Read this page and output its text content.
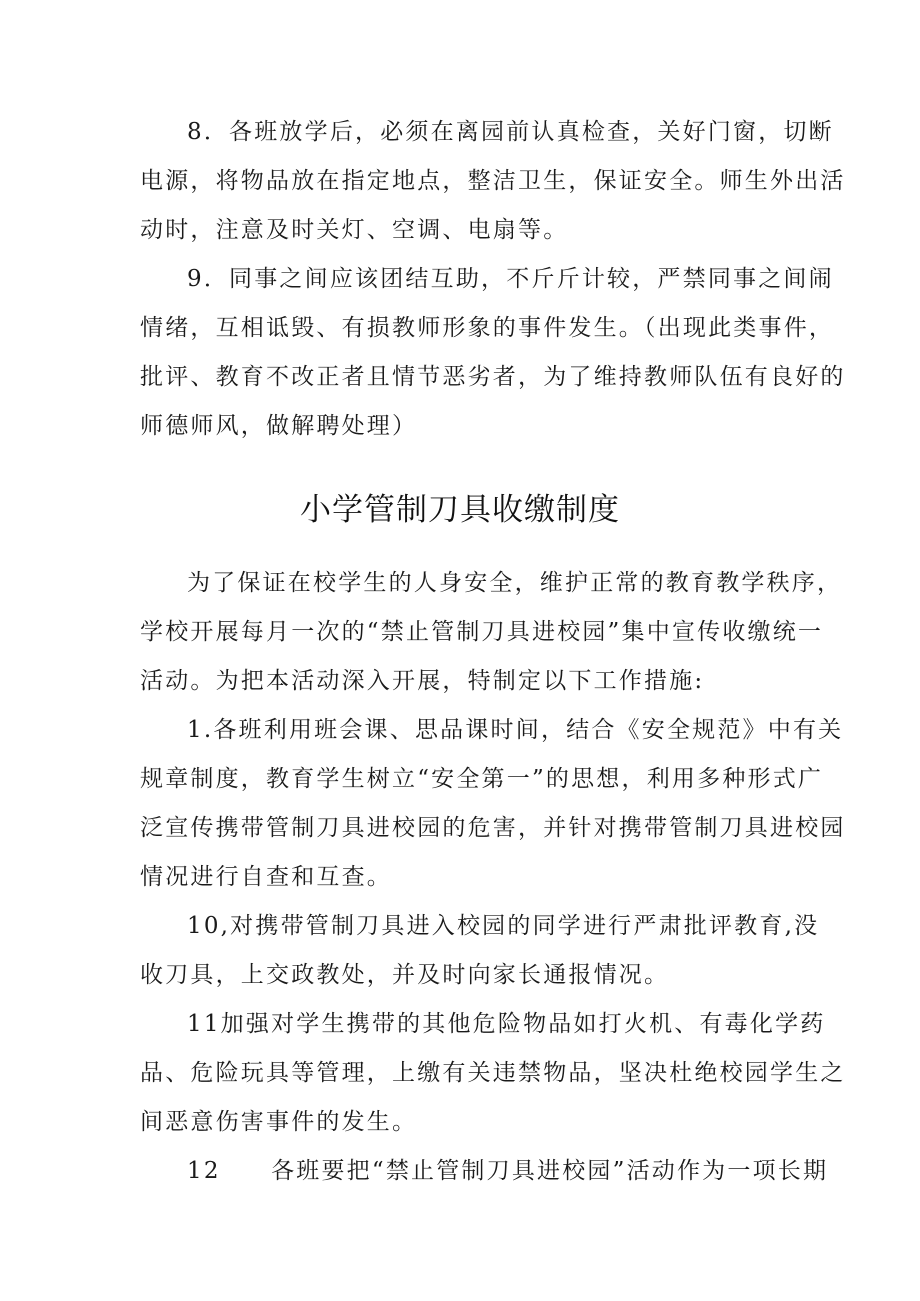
8．各班放学后，必须在离园前认真检查，关好门窗，切断
电源，将物品放在指定地点，整洁卫生，保证安全。师生外出活
动时，注意及时关灯、空调、电扇等。
9．同事之间应该团结互助，不斤斤计较，严禁同事之间闹
情绪，互相诋毁、有损教师形象的事件发生。（出现此类事件，
批评、教育不改正者且情节恶劣者，为了维持教师队伍有良好的
师德师风，做解聘处理）
小学管制刀具收缴制度
为了保证在校学生的人身安全，维护正常的教育教学秩序，
学校开展每月一次的“禁止管制刀具进校园”集中宣传收缴统一
活动。为把本活动深入开展，特制定以下工作措施:
1.各班利用班会课、思品课时间，结合《安全规范》中有关
规章制度，教育学生树立“安全第一”的思想，利用多种形式广
泛宣传携带管制刀具进校园的危害，并针对携带管制刀具进校园
情况进行自查和互查。
10,对携带管制刀具进入校园的同学进行严肃批评教育,没
收刀具，上交政教处，并及时向家长通报情况。
11加强对学生携带的其他危险物品如打火机、有毒化学药
品、危险玩具等管理，上缴有关违禁物品，坚决杜绝校园学生之
间恶意伤害事件的发生。
12　　各班要把“禁止管制刀具进校园”活动作为一项长期
